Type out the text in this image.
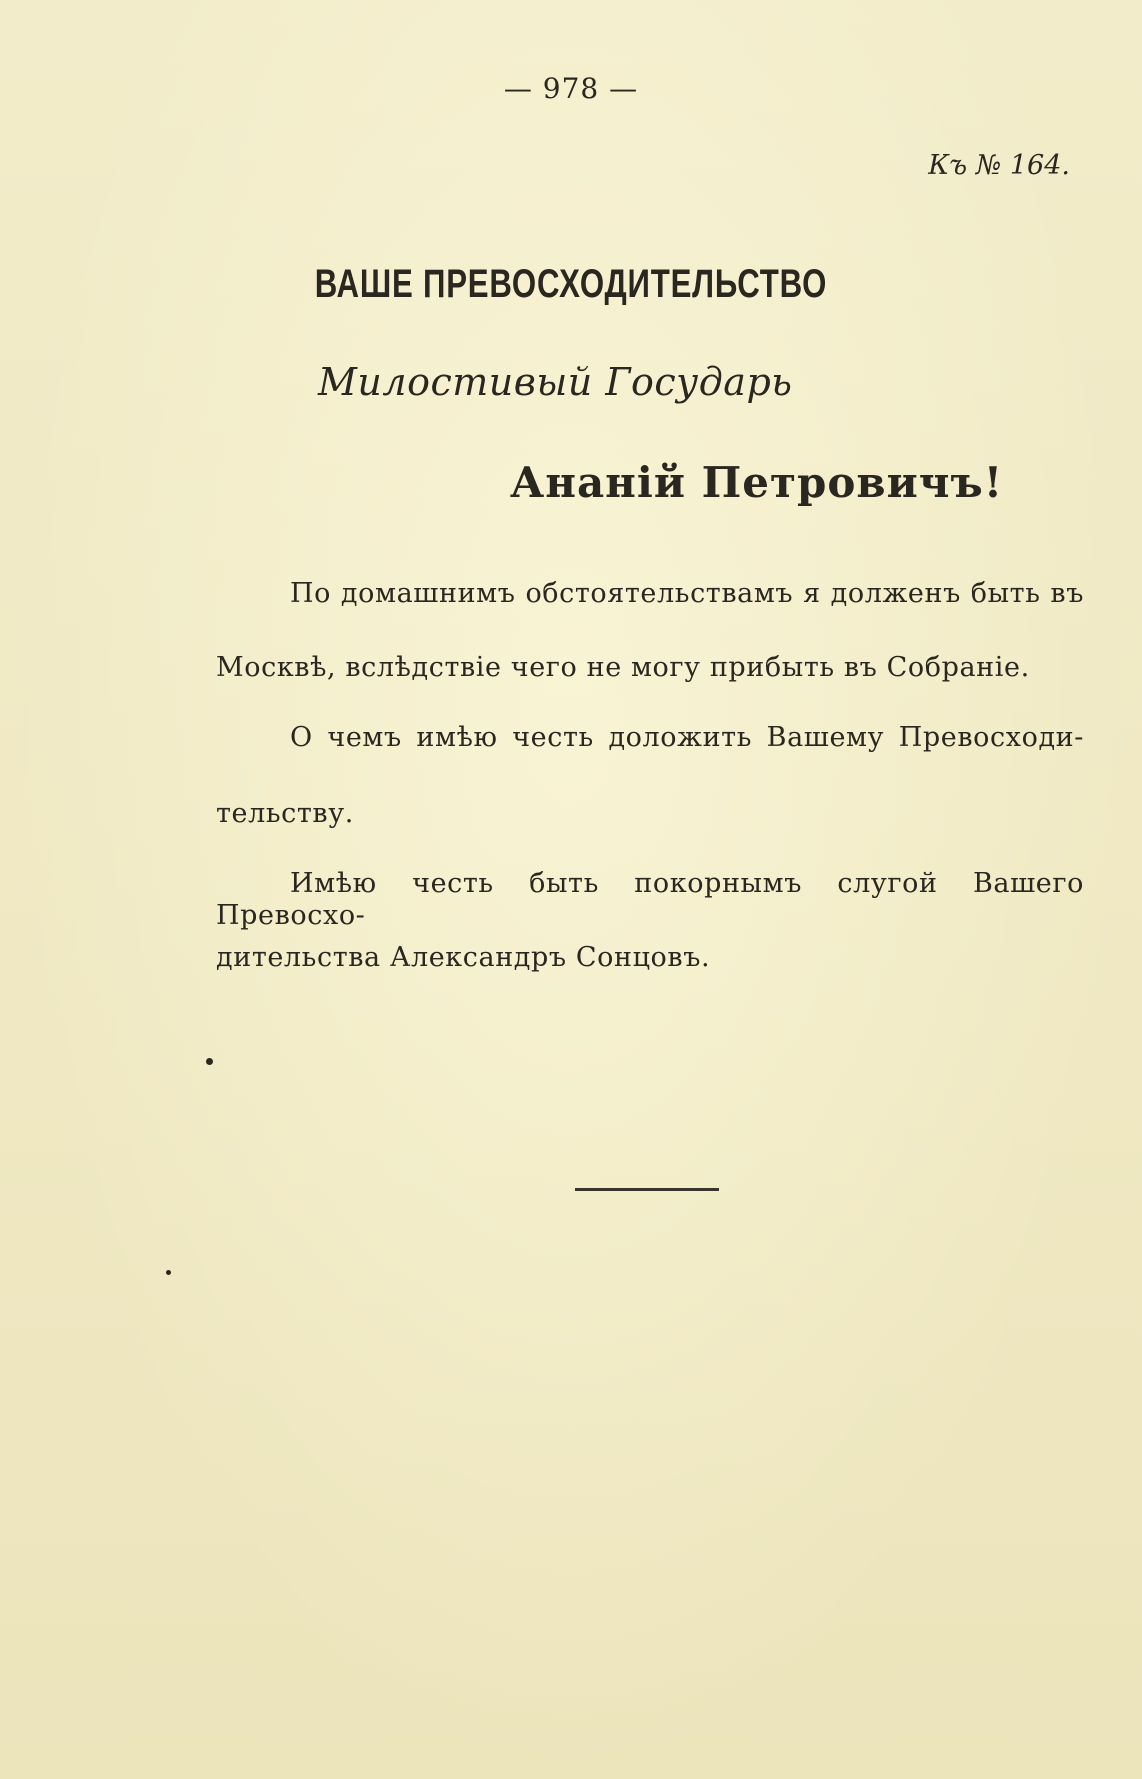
— 978 —
Къ № 164.
ВАШЕ ПРЕВОСХОДИТЕЛЬСТВО
Милостивый Государь
Ананій Петровичъ!
По домашнимъ обстоятельствамъ я долженъ быть въ
Москвѣ, вслѣдствіе чего не могу прибыть въ Собраніе.
О чемъ имѣю честь доложить Вашему Превосходи-
тельству.
Имѣю честь быть покорнымъ слугой Вашего Превосхо-
дительства Александръ Сонцовъ.
